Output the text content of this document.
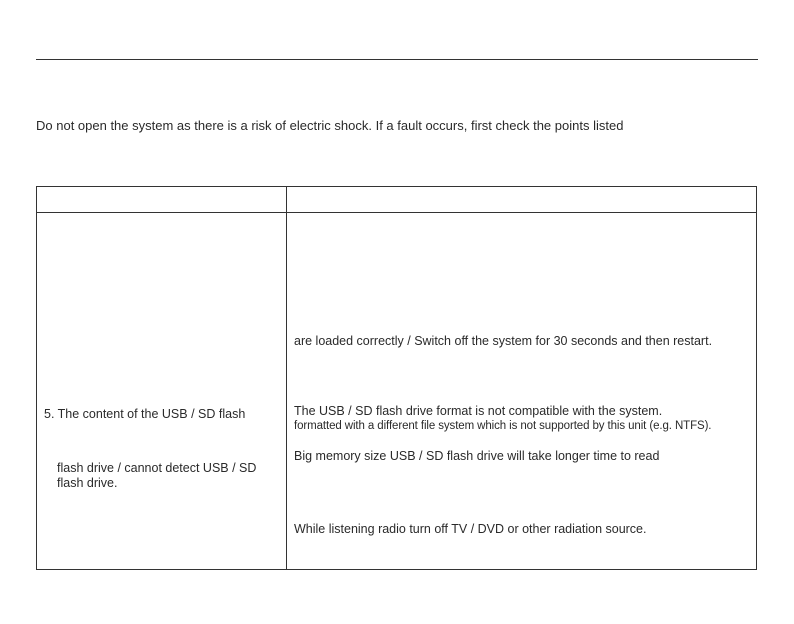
Do not open the system as there is a risk of electric shock. If a fault occurs, first check the points listed
5. The content of the USB / SD flash
flash drive / cannot detect USB / SD
flash drive.
are loaded correctly / Switch off the system for 30 seconds and then restart.
The USB / SD flash drive format is not compatible with the system.
formatted with a different file system which is not supported by this unit (e.g. NTFS).
Big memory size USB / SD flash drive will take longer time to read
While listening radio turn off TV / DVD or other radiation source.
